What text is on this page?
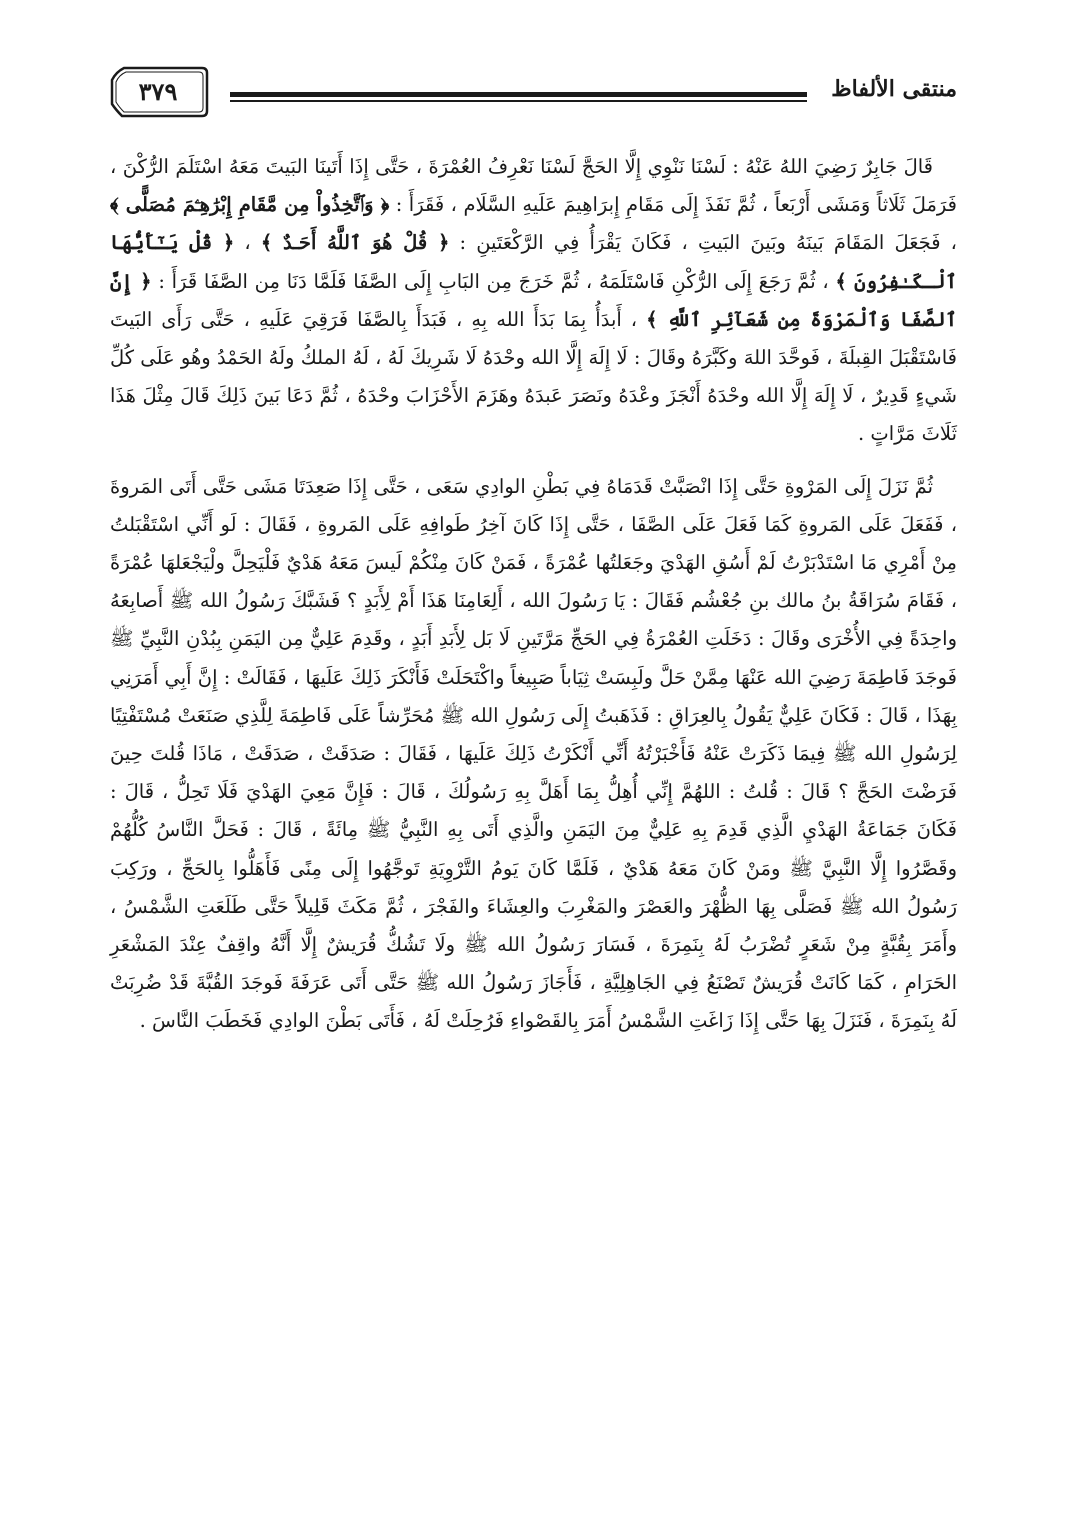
منتقى الألفاظ
٣٧٩

قَالَ جَابِرٌ رَضِيَ اللهُ عَنْهُ : لَسْنَا نَنْوِي إِلَّا الحَجَّ لَسْنَا نَعْرِفُ العُمْرَةَ ، حَتَّى إِذَا أَتَينَا البَيتَ مَعَهُ اسْتَلَمَ الرُّكْنَ ، فَرَمَلَ ثَلَاثاً وَمَشَى أَرْبَعاً ، ثُمَّ نَفَذَ إِلَى مَقَامِ إِبرَاهِيمَ عَلَيهِ السَّلَام ، فَقَرَأَ : ﴿ وَٱتَّخِذُواْ مِن مَّقَامِ إِبْرَٰهِـۧمَ مُصَلًّى ﴾ ، فَجَعَلَ المَقَامَ بَينَهُ وبَينَ البَيتِ ، فَكَانَ يَقْرَأُ فِي الرَّكْعَتَينِ : ﴿ قُلْ هُوَ ٱللَّهُ أَحَـدٌ ﴾ ، ﴿ قُلْ يَـٰٓأَيُّهَا ٱلْـكَـٰفِرُونَ ﴾ ، ثُمَّ رَجَعَ إِلَى الرُّكْنِ فَاسْتَلَمَهُ ، ثُمَّ خَرَجَ مِن البَابِ إِلَى الصَّفَا فَلَمَّا دَنَا مِن الصَّفَا قَرَأَ : ﴿ إِنَّ ٱلصَّفَا وَٱلْمَرْوَةَ مِن شَعَآئِرِ ٱللَّهِ ﴾ ، أَبدَأُ بِمَا بَدَأَ الله بِهِ ، فَبَدَأَ بِالصَّفَا فَرَقِيَ عَلَيهِ ، حَتَّى رَأَى البَيتَ فَاسْتَقْبَلَ القِبلَةَ ، فَوحَّدَ اللهَ وكَبَّرَهُ وقَالَ : لَا إِلَهَ إِلَّا الله وحْدَهُ لَا شَرِيكَ لَهُ ، لَهُ الملكُ ولَهُ الحَمْدُ وهُو عَلَى كُلِّ شَيءٍ قَدِيرٌ ، لَا إِلَهَ إِلَّا الله وحْدَهُ أَنْجَزَ وعْدَهُ ونَصَرَ عَبدَهُ وهَزَمَ الأَحْزَابَ وحْدَهُ ، ثُمَّ دَعَا بَينَ ذَلِكَ قَالَ مِثْلَ هَذَا ثَلَاثَ مَرَّاتٍ .

ثُمَّ نَزَلَ إِلَى المَرْوةِ حَتَّى إِذَا انْصَبَّتْ قَدَمَاهُ فِي بَطْنِ الوادِي سَعَى ، حَتَّى إِذَا صَعِدَتَا مَشَى حَتَّى أَتَى المَروةَ ، فَفَعَلَ عَلَى المَروةِ كَمَا فَعَلَ عَلَى الصَّفَا ، حَتَّى إِذَا كَانَ آخِرُ طَوافِهِ عَلَى المَروةِ ، فَقَالَ : لَو أَنِّي اسْتَقْبَلتُ مِنْ أَمْرِي مَا اسْتَدْبَرْتُ لَمْ أَسُقِ الهَدْيَ وجَعَلتُها عُمْرَةً ، فَمَنْ كَانَ مِنْكُمْ لَيسَ مَعَهُ هَدْيٌ فَلْيَحِلَّ ولْيَجْعَلهَا عُمْرَةً ، فَقَامَ سُرَاقَةُ بنُ مالك بنِ جُعْشُم فَقَالَ : يَا رَسُولَ الله ، أَلِعَامِنَا هَذَا أَمْ لِأَبَدٍ ؟ فَشَبَّكَ رَسُولُ الله ﷺ أَصابِعَهُ واحِدَةً فِي الأُخْرَى وقَالَ : دَخَلَتِ العُمْرَةُ فِي الحَجِّ مَرَّتَينِ لَا بَل لِأَبَدِ أَبَدٍ ، وقَدِمَ عَلِيٌّ مِن اليَمَنِ بِبُدْنِ النَّبِيِّ ﷺ فَوجَدَ فَاطِمَةَ رَضِيَ الله عَنْهَا مِمَّنْ حَلَّ ولَبِسَتْ ثِيَاباً صَبِيغاً واكْتَحَلَتْ فَأَنْكَرَ ذَلِكَ عَلَيهَا ، فَقَالَتْ : إِنَّ أَبِي أَمَرَنِي بِهَذَا ، قَالَ : فَكَانَ عَلِيٌّ يَقُولُ بِالعِرَاقِ : فَذَهَبتُ إِلَى رَسُولِ الله ﷺ مُحَرِّشاً عَلَى فَاطِمَةَ لِلَّذِي صَنَعَتْ مُسْتَفْتِيًا لِرَسُولِ الله ﷺ فِيمَا ذَكَرَتْ عَنْهُ فَأَخْبَرْتُهُ أَنِّي أَنْكَرْتُ ذَلِكَ عَلَيهَا ، فَقَالَ : صَدَقَتْ ، صَدَقَتْ ، مَاذَا قُلتَ حِينَ فَرَضْتَ الحَجَّ ؟ قَالَ : قُلتُ : اللهُمَّ إِنِّي أُهِلُّ بِمَا أَهَلَّ بِهِ رَسُولُكَ ، قَالَ : فَإِنَّ مَعِيَ الهَدْيَ فَلَا تَحِلُّ ، قَالَ : فَكَانَ جَمَاعَةُ الهَدْيِ الَّذِي قَدِمَ بِهِ عَلِيٌّ مِنَ اليَمَنِ والَّذِي أَتَى بِهِ النَّبِيُّ ﷺ مِائَةً ، قَالَ : فَحَلَّ النَّاسُ كُلُّهُمْ وقَصَّرُوا إِلَّا النَّبِيَّ ﷺ ومَنْ كَانَ مَعَهُ هَدْيٌ ، فَلَمَّا كَانَ يَومُ التَّرْوِيَةِ تَوجَّهُوا إِلَى مِنًى فَأَهَلُّوا بِالحَجِّ ، ورَكِبَ رَسُولُ الله ﷺ فَصَلَّى بِهَا الظُّهْرَ والعَصْرَ والمَغْرِبَ والعِشَاءَ والفَجْرَ ، ثُمَّ مَكَثَ قَلِيلاً حَتَّى طَلَعَتِ الشَّمْسُ ، وأَمَرَ بِقُبَّةٍ مِنْ شَعَرٍ تُضْرَبُ لَهُ بِنَمِرَةَ ، فَسَارَ رَسُولُ الله ﷺ ولَا تَشُكُّ قُرَيشٌ إِلَّا أَنَّهُ واقِفٌ عِنْدَ المَشْعَرِ الحَرَامِ ، كَمَا كَانَتْ قُرَيشٌ تَصْنَعُ فِي الجَاهِلِيَّةِ ، فَأَجَازَ رَسُولُ الله ﷺ حَتَّى أَتَى عَرَفَةَ فَوجَدَ القُبَّةَ قَدْ ضُرِبَتْ لَهُ بِنَمِرَةَ ، فَنَزَلَ بِهَا حَتَّى إِذَا زَاغَتِ الشَّمْسُ أَمَرَ بِالقَصْواءِ فَرُحِلَتْ لَهُ ، فَأَتَى بَطْنَ الوادِي فَخَطَبَ النَّاسَ .
